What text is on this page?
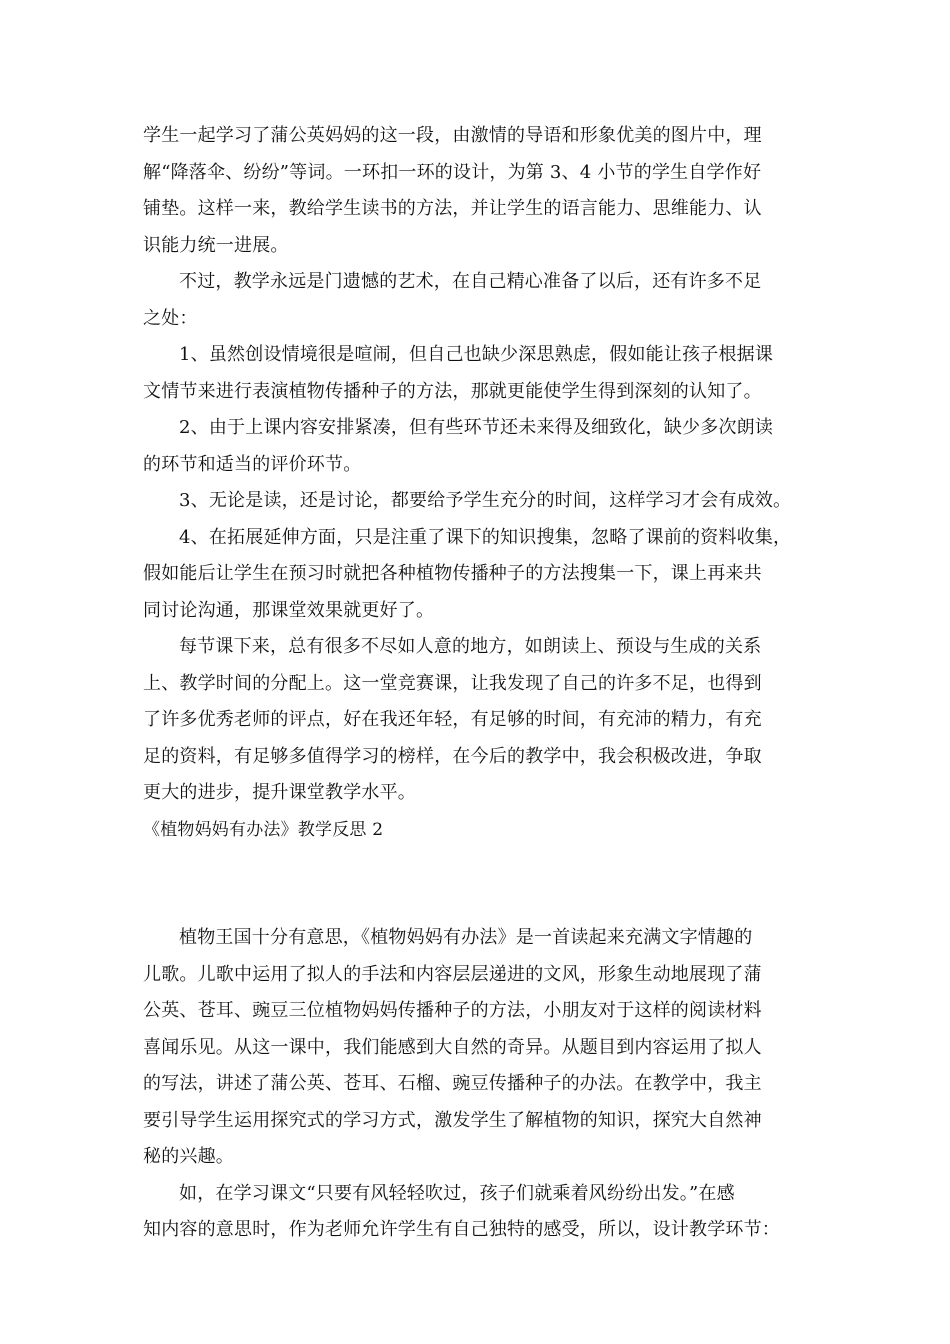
学生一起学习了蒲公英妈妈的这一段，由激情的导语和形象优美的图片中，理
解“降落伞、纷纷”等词。一环扣一环的设计，为第 3、4 小节的学生自学作好
铺垫。这样一来，教给学生读书的方法，并让学生的语言能力、思维能力、认
识能力统一进展。
不过，教学永远是门遗憾的艺术，在自己精心准备了以后，还有许多不足
之处：
1、虽然创设情境很是喧闹，但自己也缺少深思熟虑，假如能让孩子根据课
文情节来进行表演植物传播种子的方法，那就更能使学生得到深刻的认知了。
2、由于上课内容安排紧凑，但有些环节还未来得及细致化，缺少多次朗读
的环节和适当的评价环节。
3、无论是读，还是讨论，都要给予学生充分的时间，这样学习才会有成效。
4、在拓展延伸方面，只是注重了课下的知识搜集，忽略了课前的资料收集，
假如能后让学生在预习时就把各种植物传播种子的方法搜集一下，课上再来共
同讨论沟通，那课堂效果就更好了。
每节课下来，总有很多不尽如人意的地方，如朗读上、预设与生成的关系
上、教学时间的分配上。这一堂竞赛课，让我发现了自己的许多不足，也得到
了许多优秀老师的评点，好在我还年轻，有足够的时间，有充沛的精力，有充
足的资料，有足够多值得学习的榜样，在今后的教学中，我会积极改进，争取
更大的进步，提升课堂教学水平。
《植物妈妈有办法》教学反思 2
植物王国十分有意思，《植物妈妈有办法》是一首读起来充满文字情趣的
儿歌。儿歌中运用了拟人的手法和内容层层递进的文风，形象生动地展现了蒲
公英、苍耳、豌豆三位植物妈妈传播种子的方法，小朋友对于这样的阅读材料
喜闻乐见。从这一课中，我们能感到大自然的奇异。从题目到内容运用了拟人
的写法，讲述了蒲公英、苍耳、石榴、豌豆传播种子的办法。在教学中，我主
要引导学生运用探究式的学习方式，激发学生了解植物的知识，探究大自然神
秘的兴趣。
如，在学习课文“只要有风轻轻吹过，孩子们就乘着风纷纷出发。”在感
知内容的意思时，作为老师允许学生有自己独特的感受，所以，设计教学环节：
